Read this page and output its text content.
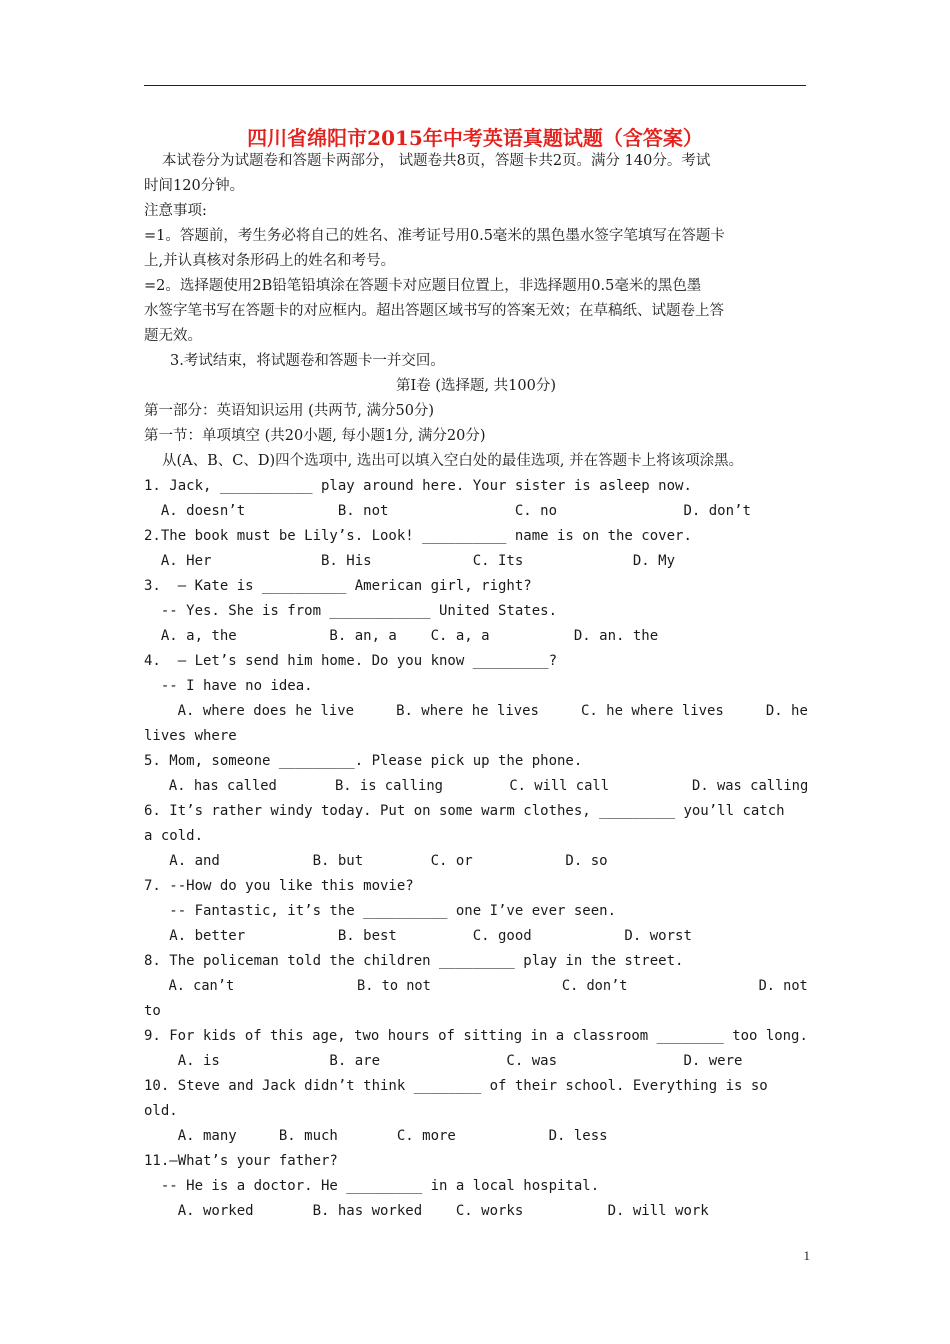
四川省绵阳市2015年中考英语真题试题（含答案）
本试卷分为试题卷和答题卡两部分， 试题卷共8页，答题卡共2页。满分 140分。考试
时间120分钟。
注意事项:
=1。答题前，考生务必将自己的姓名、准考证号用0.5毫米的黑色墨水签字笔填写在答题卡
上,并认真核对条形码上的姓名和考号。
=2。选择题使用2B铅笔铅填涂在答题卡对应题目位置上，非选择题用0.5毫米的黑色墨
水签字笔书写在答题卡的对应框内。超出答题区域书写的答案无效；在草稿纸、试题卷上答
题无效。
3.考试结束，将试题卷和答题卡一并交回。
第Ⅰ卷 (选择题, 共100分)
第一部分：英语知识运用 (共两节, 满分50分)
第一节：单项填空 (共20小题, 每小题1分, 满分20分)
从(A、B、C、D)四个选项中, 选出可以填入空白处的最佳选项, 并在答题卡上将该项涂黑。
1. Jack, ___________ play around here. Your sister is asleep now.
A. doesn’t           B. not               C. no               D. don’t
2.The book must be Lily’s. Look! __________ name is on the cover.
A. Her             B. His            C. Its             D. My
3.  – Kate is __________ American girl, right?
-- Yes. She is from ____________ United States.
A. a, the           B. an, a    C. a, a          D. an. the
4.  – Let’s send him home. Do you know _________?
-- I have no idea.
A. where does he live     B. where he lives     C. he where lives     D. he
lives where
5. Mom, someone _________. Please pick up the phone.
A. has called       B. is calling        C. will call          D. was calling
6. It’s rather windy today. Put on some warm clothes, _________ you’ll catch
a cold.
A. and           B. but        C. or           D. so
7. --How do you like this movie?
-- Fantastic, it’s the __________ one I’ve ever seen.
A. better           B. best         C. good           D. worst
8. The policeman told the children _________ play in the street.
A. can’t               B. to not                C. don’t                D. not
to
9. For kids of this age, two hours of sitting in a classroom ________ too long.
A. is             B. are               C. was               D. were
10. Steve and Jack didn’t think ________ of their school. Everything is so
old.
A. many     B. much       C. more           D. less
11.—What’s your father?
-- He is a doctor. He _________ in a local hospital.
A. worked       B. has worked    C. works          D. will work
1
